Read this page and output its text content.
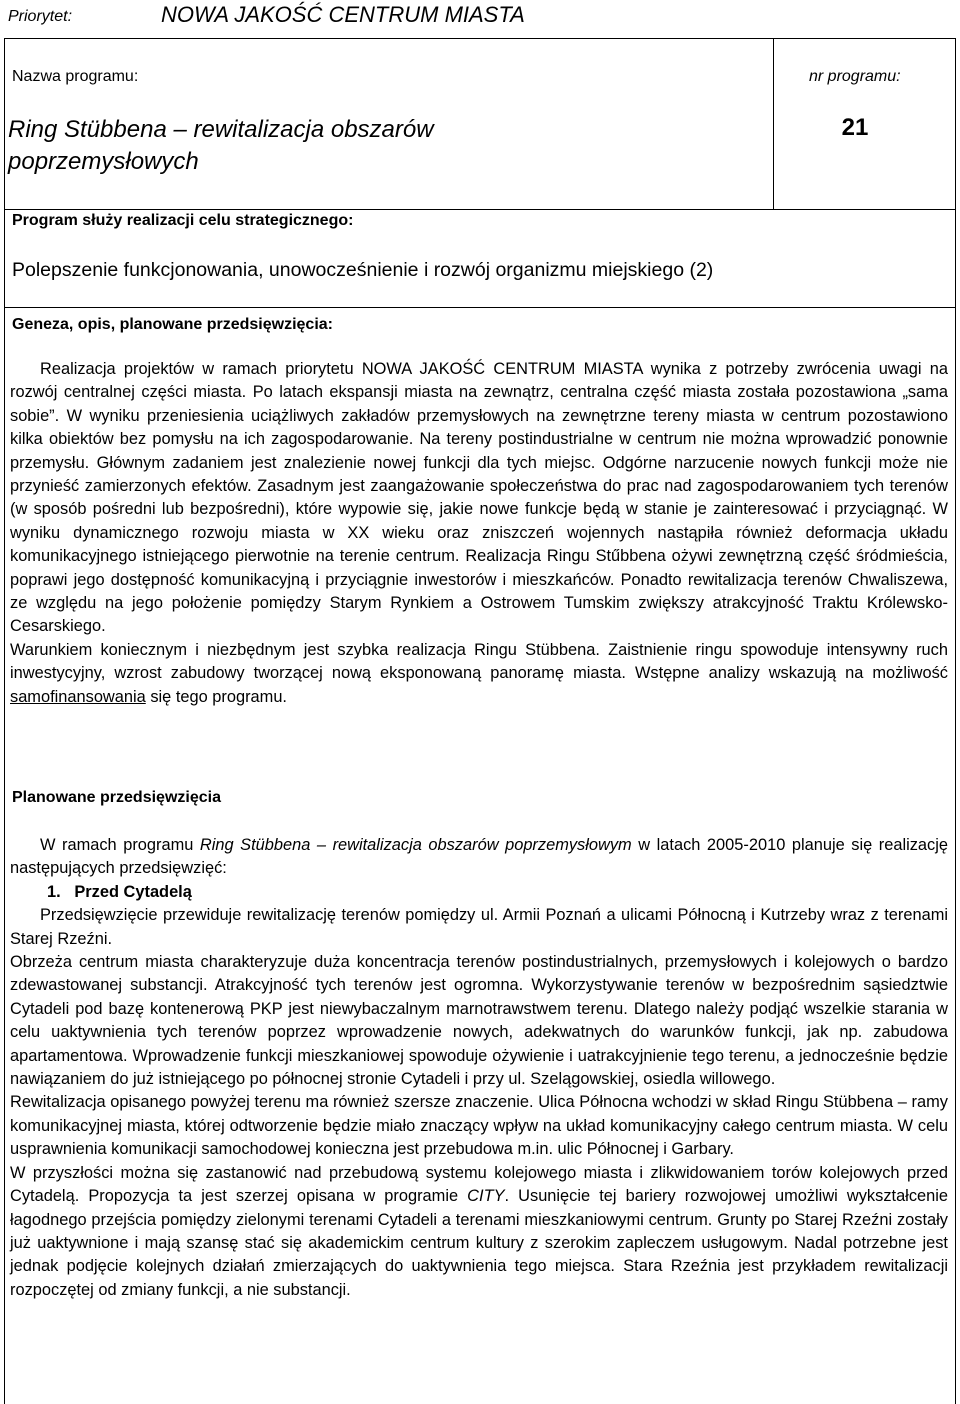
Priorytet:	NOWA JAKOŚĆ CENTRUM MIASTA
Nazwa programu:
Ring Stübbena – rewitalizacja obszarów poprzemysłowych
nr programu:
21
Program służy realizacji celu strategicznego:
Polepszenie funkcjonowania, unowocześnienie i rozwój organizmu miejskiego (2)
Geneza, opis, planowane przedsięwzięcia:

Realizacja projektów w ramach priorytetu NOWA JAKOŚĆ CENTRUM MIASTA wynika z potrzeby zwrócenia uwagi na rozwój centralnej części miasta. Po latach ekspansji miasta na zewnątrz, centralna część miasta została pozostawiona „sama sobie”. W wyniku przeniesienia uciążliwych zakładów przemysłowych na zewnętrzne tereny miasta w centrum pozostawiono kilka obiektów bez pomysłu na ich zagospodarowanie. Na tereny postindustrialne w centrum nie można wprowadzić ponownie przemysłu. Głównym zadaniem jest znalezienie nowej funkcji dla tych miejsc. Odgórne narzucenie nowych funkcji może nie przynieść zamierzonych efektów. Zasadnym jest zaangażowanie społeczeństwa do prac nad zagospodarowaniem tych terenów (w sposób pośredni lub bezpośredni), które wypowie się, jakie nowe funkcje będą w stanie je zainteresować i przyciągnąć. W wyniku dynamicznego rozwoju miasta w XX wieku oraz zniszczeń wojennych nastąpiła również deformacja układu komunikacyjnego istniejącego pierwotnie na terenie centrum. Realizacja Ringu Stűbbena ożywi zewnętrzną część śródmieścia, poprawi jego dostępność komunikacyjną i przyciągnie inwestorów i mieszkańców. Ponadto rewitalizacja terenów Chwaliszewa, ze względu na jego położenie pomiędzy Starym Rynkiem a Ostrowem Tumskim zwiększy atrakcyjność Traktu Królewsko-Cesarskiego.

Warunkiem koniecznym i niezbędnym jest szybka realizacja Ringu Stübbena. Zaistnienie ringu spowoduje intensywny ruch inwestycyjny, wzrost zabudowy tworzącej nową eksponowaną panoramę miasta. Wstępne analizy wskazują na możliwość samofinansowania się tego programu.

Planowane przedsięwzięcia

W ramach programu Ring Stübbena – rewitalizacja obszarów poprzemysłowym w latach 2005-2010 planuje się realizację następujących przedsięwzięć:

1. Przed Cytadelą

Przedsięwzięcie przewiduje rewitalizację terenów pomiędzy ul. Armii Poznań a ulicami Północną i Kutrzeby wraz z terenami Starej Rzeźni.

Obrzeża centrum miasta charakteryzuje duża koncentracja terenów postindustrialnych, przemysłowych i kolejowych o bardzo zdewastowanej substancji. Atrakcyjność tych terenów jest ogromna. Wykorzystywanie terenów w bezpośrednim sąsiedztwie Cytadeli pod bazę kontenerową PKP jest niewybaczalnym marnotrawstwem terenu. Dlatego należy podjąć wszelkie starania w celu uaktywnienia tych terenów poprzez wprowadzenie nowych, adekwatnych do warunków funkcji, jak np. zabudowa apartamentowa. Wprowadzenie funkcji mieszkaniowej spowoduje ożywienie i uatrakcyjnienie tego terenu, a jednocześnie będzie nawiązaniem do już istniejącego po północnej stronie Cytadeli i przy ul. Szelągowskiej, osiedla willowego.

Rewitalizacja opisanego powyżej terenu ma również szersze znaczenie. Ulica Północna wchodzi w skład Ringu Stübbena – ramy komunikacyjnej miasta, której odtworzenie będzie miało znaczący wpływ na układ komunikacyjny całego centrum miasta. W celu usprawnienia komunikacji samochodowej konieczna jest przebudowa m.in. ulic Północnej i Garbary.

W przyszłości można się zastanowić nad przebudową systemu kolejowego miasta i zlikwidowaniem torów kolejowych przed Cytadelą. Propozycja ta jest szerzej opisana w programie CITY. Usunięcie tej bariery rozwojowej umożliwi wykształcenie łagodnego przejścia pomiędzy zielonymi terenami Cytadeli a terenami mieszkaniowymi centrum. Grunty po Starej Rzeźni zostały już uaktywnione i mają szansę stać się akademickim centrum kultury z szerokim zapleczem usługowym. Nadal potrzebne jest jednak podjęcie kolejnych działań zmierzających do uaktywnienia tego miejsca. Stara Rzeźnia jest przykładem rewitalizacji rozpoczętej od zmiany funkcji, a nie substancji.
